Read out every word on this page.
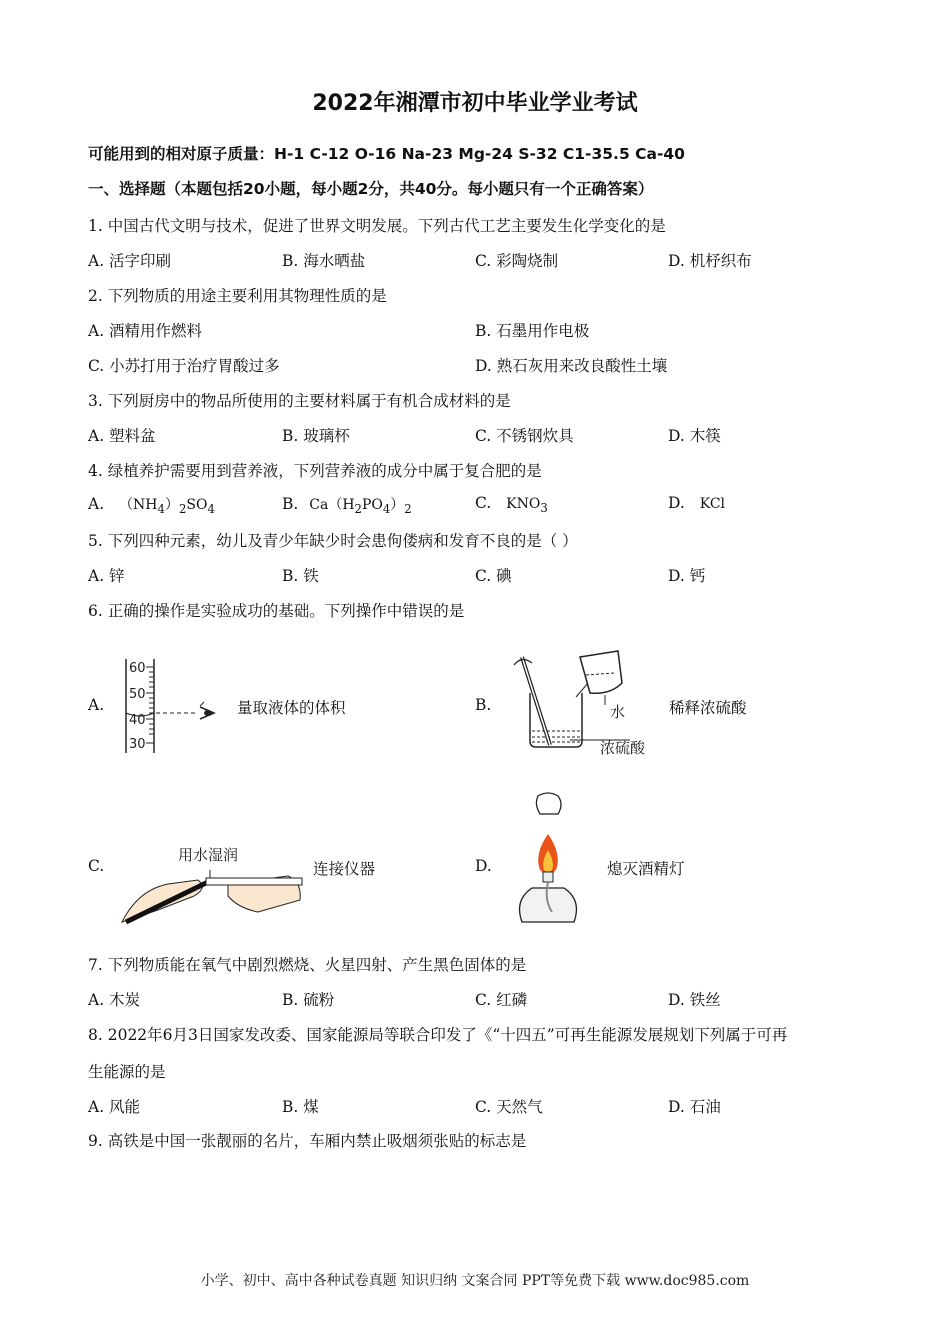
2022年湘潭市初中毕业学业考试
可能用到的相对原子质量：H-1 C-12 O-16 Na-23 Mg-24 S-32 C1-35.5 Ca-40
一、选择题（本题包括20小题，每小题2分，共40分。每小题只有一个正确答案）
1. 中国古代文明与技术，促进了世界文明发展。下列古代工艺主要发生化学变化的是
A. 活字印刷	B. 海水晒盐	C. 彩陶烧制	D. 机杼织布
2. 下列物质的用途主要利用其物理性质的是
A. 酒精用作燃料	B. 石墨用作电极
C. 小苏打用于治疗胃酸过多	D. 熟石灰用来改良酸性土壤
3. 下列厨房中的物品所使用的主要材料属于有机合成材料的是
A. 塑料盆	B. 玻璃杯	C. 不锈钢炊具	D. 木筷
4. 绿植养护需要用到营养液，下列营养液的成分中属于复合肥的是
A. $(NH_4)_2SO_4$	B. $Ca(H_2PO_4)_2$	C. $KNO_3$	D. KCl
5. 下列四种元素，幼儿及青少年缺少时会患佝偻病和发育不良的是（ ）
A. 锌	B. 铁	C. 碘	D. 钙
6. 正确的操作是实验成功的基础。下列操作中错误的是
A.
60
50
40
30
量取液体的体积	B.	水
浓硫酸
稀释浓硫酸
C.
用水湿润
连接仪器	D.	熄灭酒精灯
7. 下列物质能在氧气中剧烈燃烧、火星四射、产生黑色固体的是
A. 木炭	B. 硫粉	C. 红磷	D. 铁丝
8. 2022年6月3日国家发改委、国家能源局等联合印发了《“十四五”可再生能源发展规划下列属于可再
生能源的是
A. 风能	B. 煤	C. 天然气	D. 石油
9. 高铁是中国一张靓丽的名片，车厢内禁止吸烟须张贴的标志是
小学、初中、高中各种试卷真题 知识归纳 文案合同 PPT等免费下载 www.doc985.com
